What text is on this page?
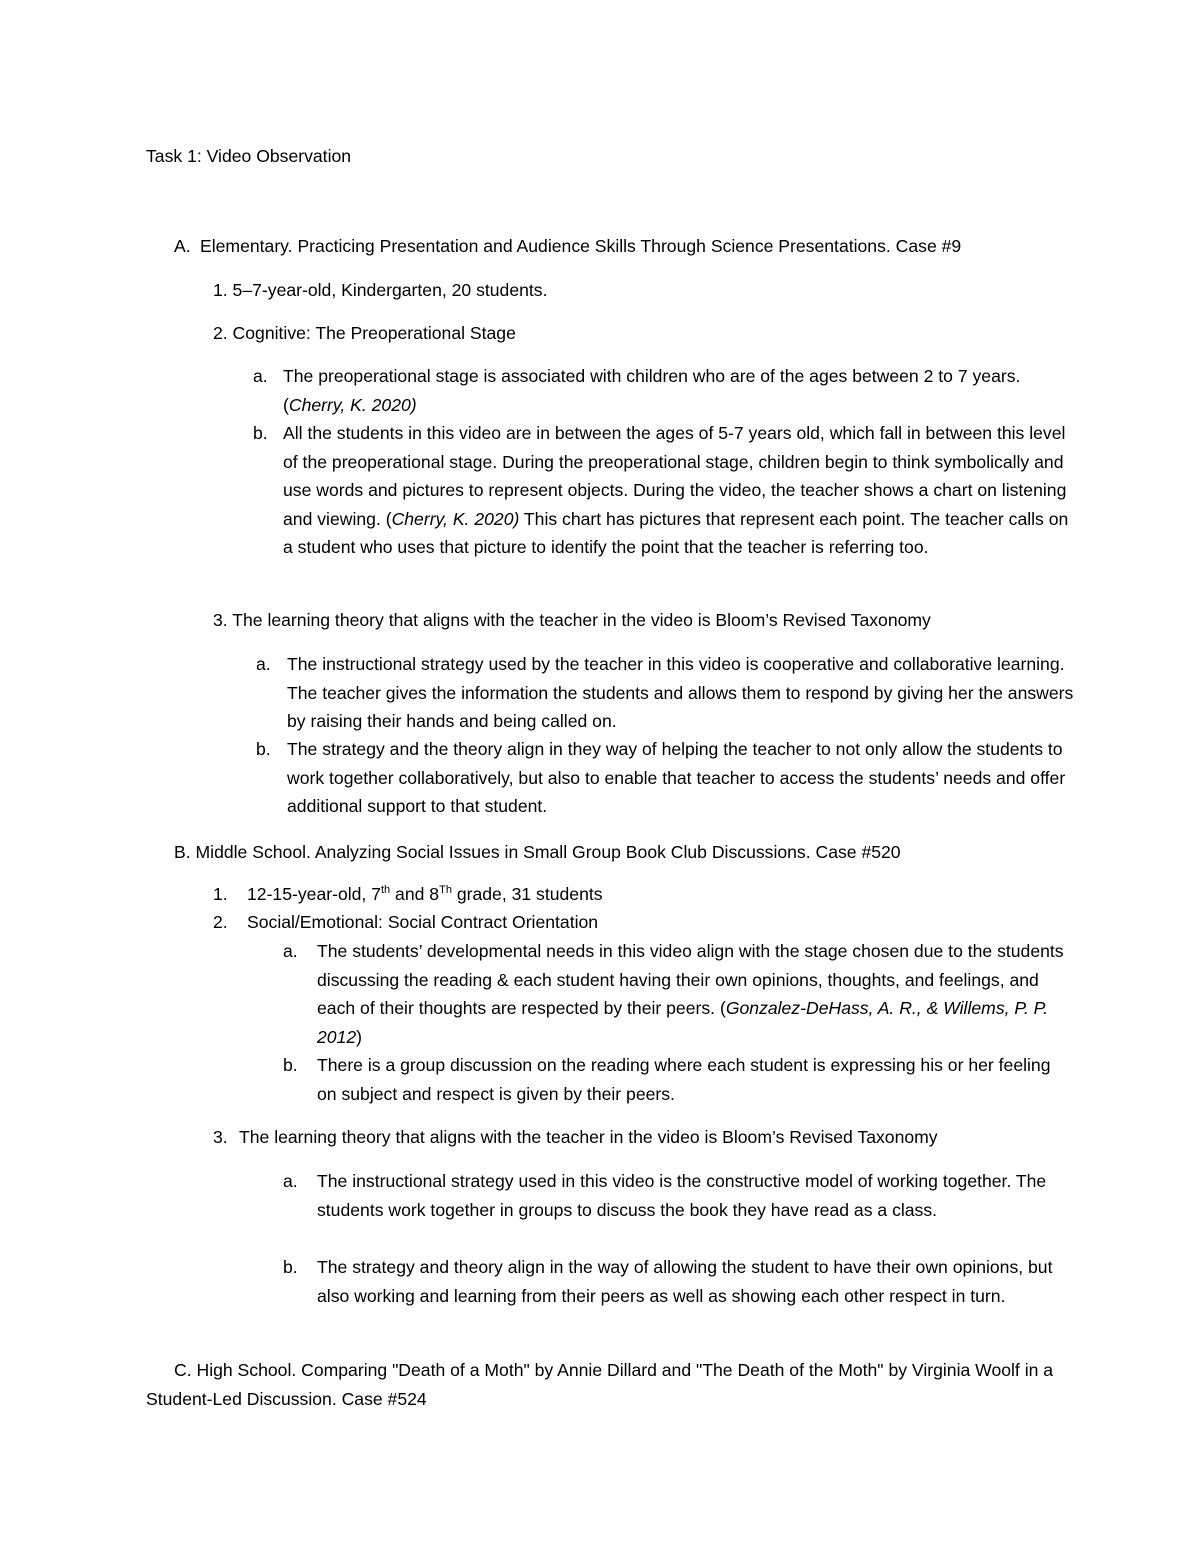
Task 1: Video Observation
A. Elementary. Practicing Presentation and Audience Skills Through Science Presentations. Case #9
1. 5–7-year-old, Kindergarten, 20 students.
2. Cognitive: The Preoperational Stage
a. The preoperational stage is associated with children who are of the ages between 2 to 7 years. (Cherry, K. 2020)
b. All the students in this video are in between the ages of 5-7 years old, which fall in between this level of the preoperational stage. During the preoperational stage, children begin to think symbolically and use words and pictures to represent objects. During the video, the teacher shows a chart on listening and viewing. (Cherry, K. 2020) This chart has pictures that represent each point. The teacher calls on a student who uses that picture to identify the point that the teacher is referring too.
3. The learning theory that aligns with the teacher in the video is Bloom’s Revised Taxonomy
a. The instructional strategy used by the teacher in this video is cooperative and collaborative learning. The teacher gives the information the students and allows them to respond by giving her the answers by raising their hands and being called on.
b. The strategy and the theory align in they way of helping the teacher to not only allow the students to work together collaboratively, but also to enable that teacher to access the students’ needs and offer additional support to that student.
B. Middle School. Analyzing Social Issues in Small Group Book Club Discussions. Case #520
1. 12-15-year-old, 7th and 8Th grade, 31 students
2. Social/Emotional: Social Contract Orientation
a. The students’ developmental needs in this video align with the stage chosen due to the students discussing the reading & each student having their own opinions, thoughts, and feelings, and each of their thoughts are respected by their peers. (Gonzalez-DeHass, A. R., & Willems, P. P. 2012)
b. There is a group discussion on the reading where each student is expressing his or her feeling on subject and respect is given by their peers.
3. The learning theory that aligns with the teacher in the video is Bloom’s Revised Taxonomy
a. The instructional strategy used in this video is the constructive model of working together. The students work together in groups to discuss the book they have read as a class.
b. The strategy and theory align in the way of allowing the student to have their own opinions, but also working and learning from their peers as well as showing each other respect in turn.
C. High School. Comparing "Death of a Moth" by Annie Dillard and "The Death of the Moth" by Virginia Woolf in a Student-Led Discussion. Case #524
